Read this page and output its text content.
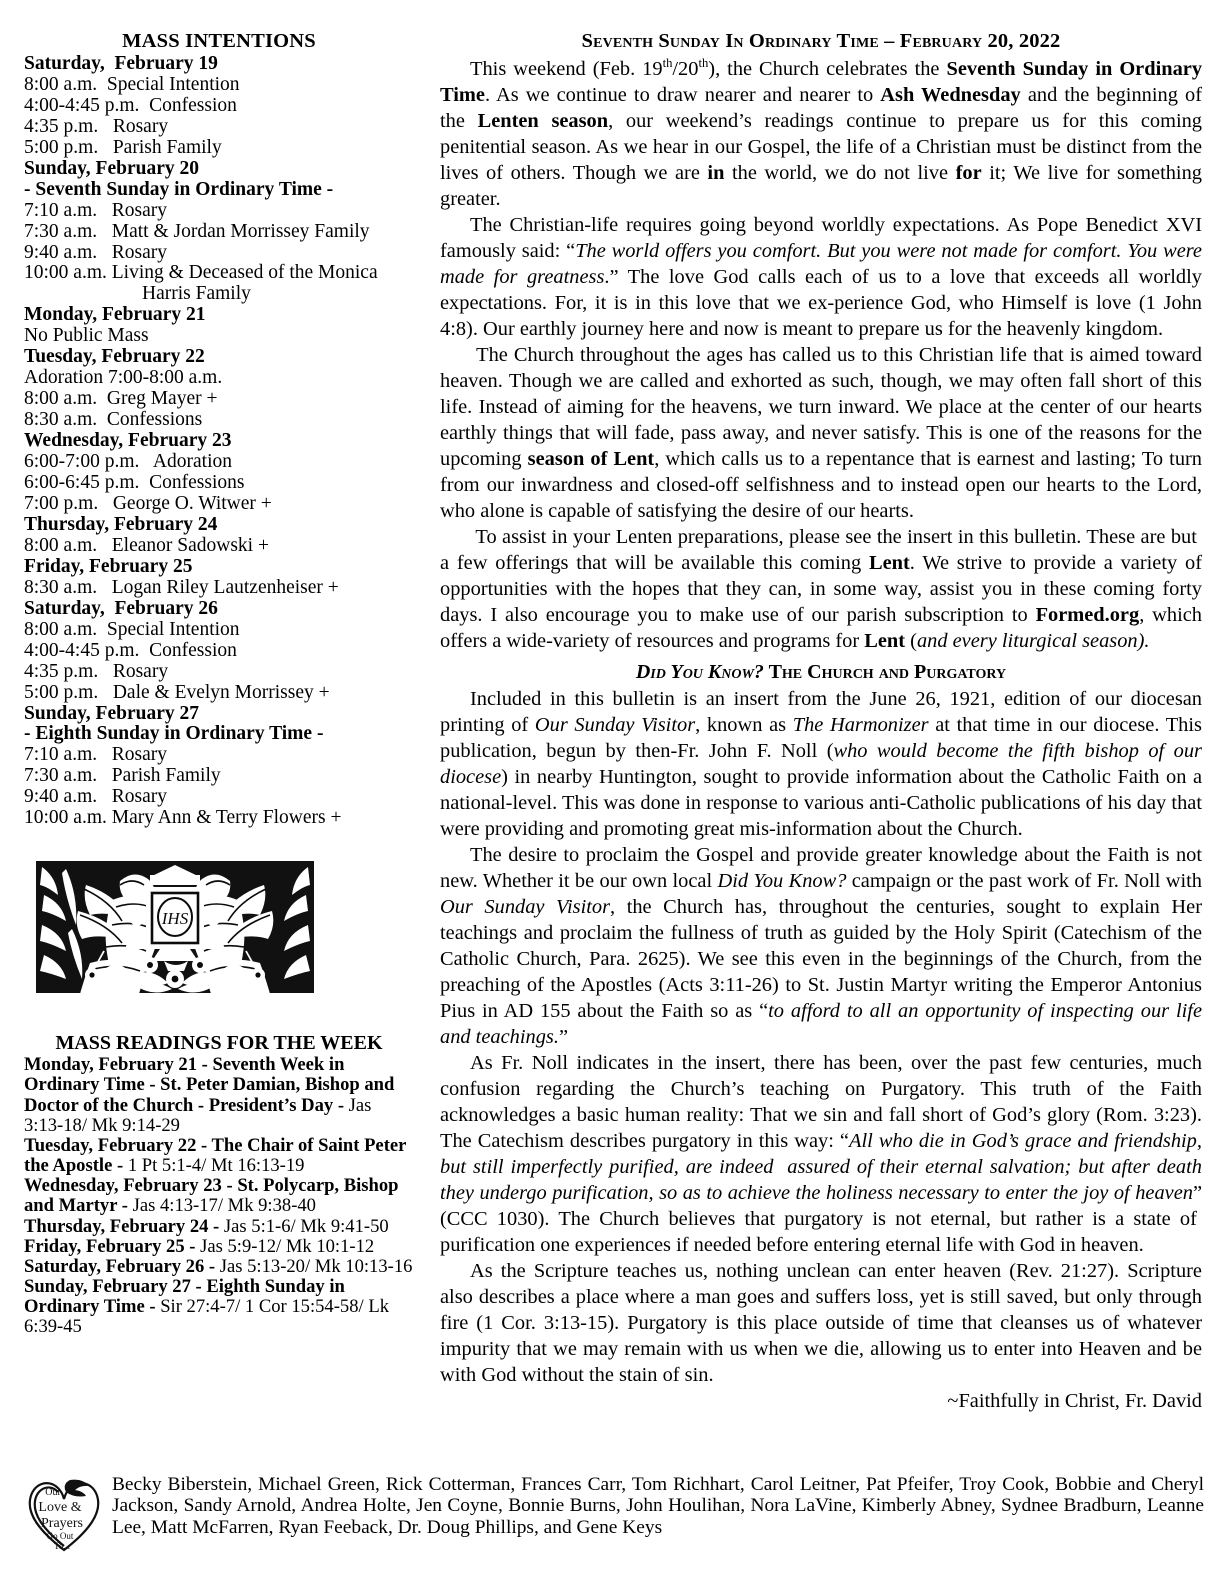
MASS INTENTIONS
Saturday,  February 19
8:00 a.m.  Special Intention
4:00-4:45 p.m.  Confession
4:35 p.m.   Rosary
5:00 p.m.   Parish Family
Sunday, February 20
- Seventh Sunday in Ordinary Time -
7:10 a.m.   Rosary
7:30 a.m.   Matt & Jordan Morrissey Family
9:40 a.m.   Rosary
10:00 a.m. Living & Deceased of the Monica
Harris Family
Monday, February 21
No Public Mass
Tuesday, February 22
Adoration 7:00-8:00 a.m.
8:00 a.m.  Greg Mayer +
8:30 a.m.  Confessions
Wednesday, February 23
6:00-7:00 p.m.   Adoration
6:00-6:45 p.m.  Confessions
7:00 p.m.   George O. Witwer +
Thursday, February 24
8:00 a.m.   Eleanor Sadowski +
Friday, February 25
8:30 a.m.   Logan Riley Lautzenheiser +
Saturday,  February 26
8:00 a.m.  Special Intention
4:00-4:45 p.m.  Confession
4:35 p.m.   Rosary
5:00 p.m.   Dale & Evelyn Morrissey +
Sunday, February 27
- Eighth Sunday in Ordinary Time -
7:10 a.m.   Rosary
7:30 a.m.   Parish Family
9:40 a.m.   Rosary
10:00 a.m. Mary Ann & Terry Flowers +
IHS
MASS READINGS FOR THE WEEK
Monday, February 21 - Seventh Week in Ordinary Time - St. Peter Damian, Bishop and Doctor of the Church - President’s Day - Jas 3:13-18/ Mk 9:14-29
Tuesday, February 22 - The Chair of Saint Peter the Apostle - 1 Pt 5:1-4/ Mt 16:13-19
Wednesday, February 23 - St. Polycarp, Bishop and Martyr - Jas 4:13-17/ Mk 9:38-40
Thursday, February 24 - Jas 5:1-6/ Mk 9:41-50
Friday, February 25 - Jas 5:9-12/ Mk 10:1-12
Saturday, February 26 - Jas 5:13-20/ Mk 10:13-16
Sunday, February 27 - Eighth Sunday in Ordinary Time - Sir 27:4-7/ 1 Cor 15:54-58/ Lk 6:39-45
Seventh Sunday In Ordinary Time – February 20, 2022

This weekend (Feb. 19th/20th), the Church celebrates the Seventh Sunday in Ordinary Time. As we continue to draw nearer and nearer to Ash Wednesday and the beginning of the Lenten season, our weekend’s readings continue to prepare us for this coming penitential season. As we hear in our Gospel, the life of a Christian must be distinct from the lives of others. Though we are in the world, we do not live for it; We live for something greater.

The Christian-life requires going beyond worldly expectations. As Pope Benedict XVI famously said: “The world offers you comfort. But you were not made for comfort. You were made for greatness.” The love God calls each of us to a love that exceeds all worldly expectations. For, it is in this love that we ex‑perience God, who Himself is love (1 John 4:8). Our earthly journey here and now is meant to prepare us for the heavenly kingdom.

The Church throughout the ages has called us to this Christian life that is aimed toward heaven. Though we are called and exhorted as such, though, we may often fall short of this life. Instead of aiming for the heavens, we turn inward. We place at the center of our hearts earthly things that will fade, pass away, and never satisfy. This is one of the reasons for the upcoming season of Lent, which calls us to a repentance that is earnest and lasting; To turn from our inwardness and closed-off selfishness and to instead open our hearts to the Lord, who alone is capable of satisfying the desire of our hearts.

To assist in your Lenten preparations, please see the insert in this bulletin. These are but  a few offerings that will be available this coming Lent. We strive to provide a variety of opportunities with the hopes that they can, in some way, assist you in these coming forty days. I also encourage you to make use of our parish subscription to Formed.org, which offers a wide-variety of resources and programs for Lent (and every liturgical season).

Did You Know? The Church and Purgatory

Included in this bulletin is an insert from the June 26, 1921, edition of our diocesan printing of Our Sunday Visitor, known as The Harmonizer at that time in our diocese. This publication, begun by then-Fr. John F. Noll (who would become the fifth bishop of our diocese) in nearby Huntington, sought to provide information about the Catholic Faith on a national-level. This was done in response to various anti-Catholic publications of his day that were providing and promoting great mis-information about the Church.

The desire to proclaim the Gospel and provide greater knowledge about the Faith is not new. Whether it be our own local Did You Know? campaign or the past work of Fr. Noll with Our Sunday Visitor, the Church has, throughout the centuries, sought to explain Her teachings and proclaim the fullness of truth as guided by the Holy Spirit (Catechism of the Catholic Church, Para. 2625). We see this even in the beginnings of the Church, from the preaching of the Apostles (Acts 3:11-26) to St. Justin Martyr writing the Emperor Antonius Pius in AD 155 about the Faith so as “to afford to all an opportunity of inspecting our life and teachings.”

As Fr. Noll indicates in the insert, there has been, over the past few centuries, much confusion regarding the Church’s teaching on Purgatory. This truth of the Faith acknowledges a basic human reality: That we sin and fall short of God’s glory (Rom. 3:23). The Catechism describes purgatory in this way: “All who die in God’s grace and friendship, but still imperfectly purified, are indeed  assured of their eternal salvation; but after death they undergo purification, so as to achieve the holiness necessary to enter the joy of heaven” (CCC 1030). The Church believes that purgatory is not eternal, but rather is a state of  purification one experiences if needed before entering eternal life with God in heaven.

As the Scripture teaches us, nothing unclean can enter heaven (Rev. 21:27). Scripture also describes a place where a man goes and suffers loss, yet is still saved, but only through fire (1 Cor. 3:13-15). Purgatory is this place outside of time that cleanses us of whatever impurity that we may remain with us when we die, allowing us to enter into Heaven and be with God without the stain of sin.

~Faithfully in Christ, Fr. David

Our
Love &
Prayers
Go Out
To...
Becky Biberstein, Michael Green, Rick Cotterman, Frances Carr, Tom Richhart, Carol Leitner, Pat Pfeifer, Troy Cook, Bobbie and Cheryl Jackson, Sandy Arnold, Andrea Holte, Jen Coyne, Bonnie Burns, John Houlihan, Nora LaVine, Kimberly Abney, Sydnee Bradburn, Leanne Lee, Matt McFarren, Ryan Feeback, Dr. Doug Phillips, and Gene Keys
